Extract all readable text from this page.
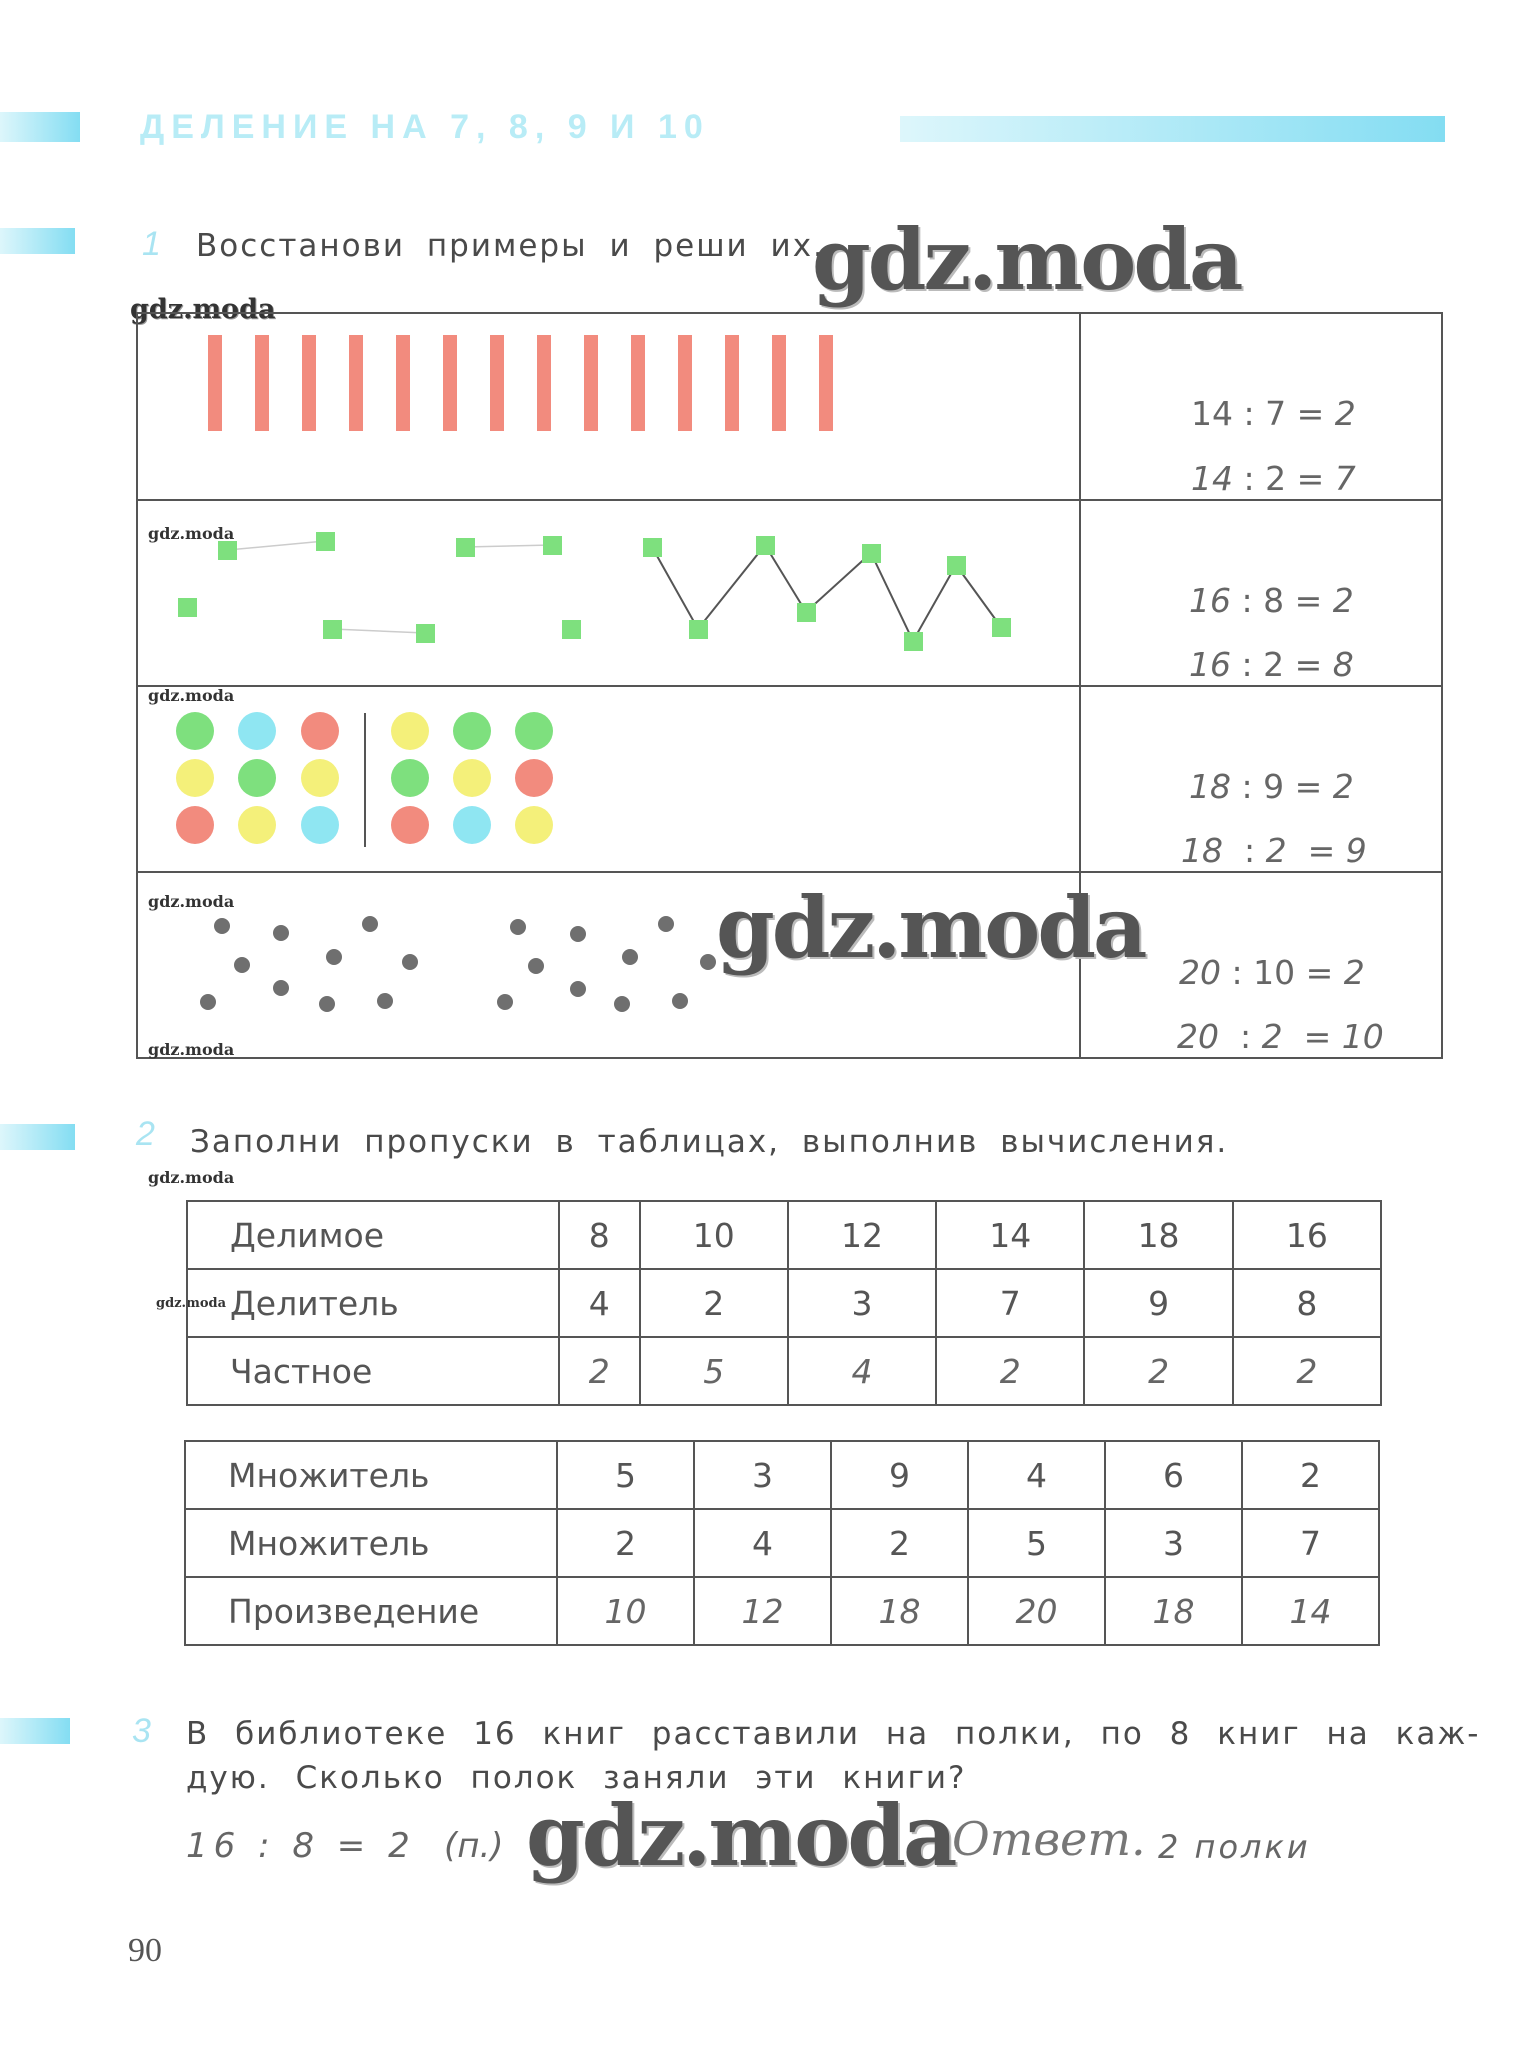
ДЕЛЕНИЕ НА 7, 8, 9 И 10
1 Восстанови примеры и реши их.
gdz.moda
gdz.moda
gdz.moda
gdz.moda
gdz.moda
gdz.moda
gdz.moda

14 : 7 = 2

14 : 2 = 7

16 : 8 = 2

16 : 2 = 8

18 : 9 = 2

18 : 2 = 9

20 : 10 = 2

20 : 2 = 10

2 Заполни пропуски в таблицах, выполнив вычисления.
gdz.moda
gdz.moda
Делимое	8	10	12	14	18	16
Делитель	4	2	3	7	9	8
Частное	2	5	4	2	2	2
Множитель	5	3	9	4	6	2
Множитель	2	4	2	5	3	7
Произведение	10	12	18	20	18	14
3 В библиотеке 16 книг расставили на полки, по 8 книг на каж-
дую. Сколько полок заняли эти книги?
16 : 8 = 2 (п.) gdz.moda
Ответ. 2 полки
90
